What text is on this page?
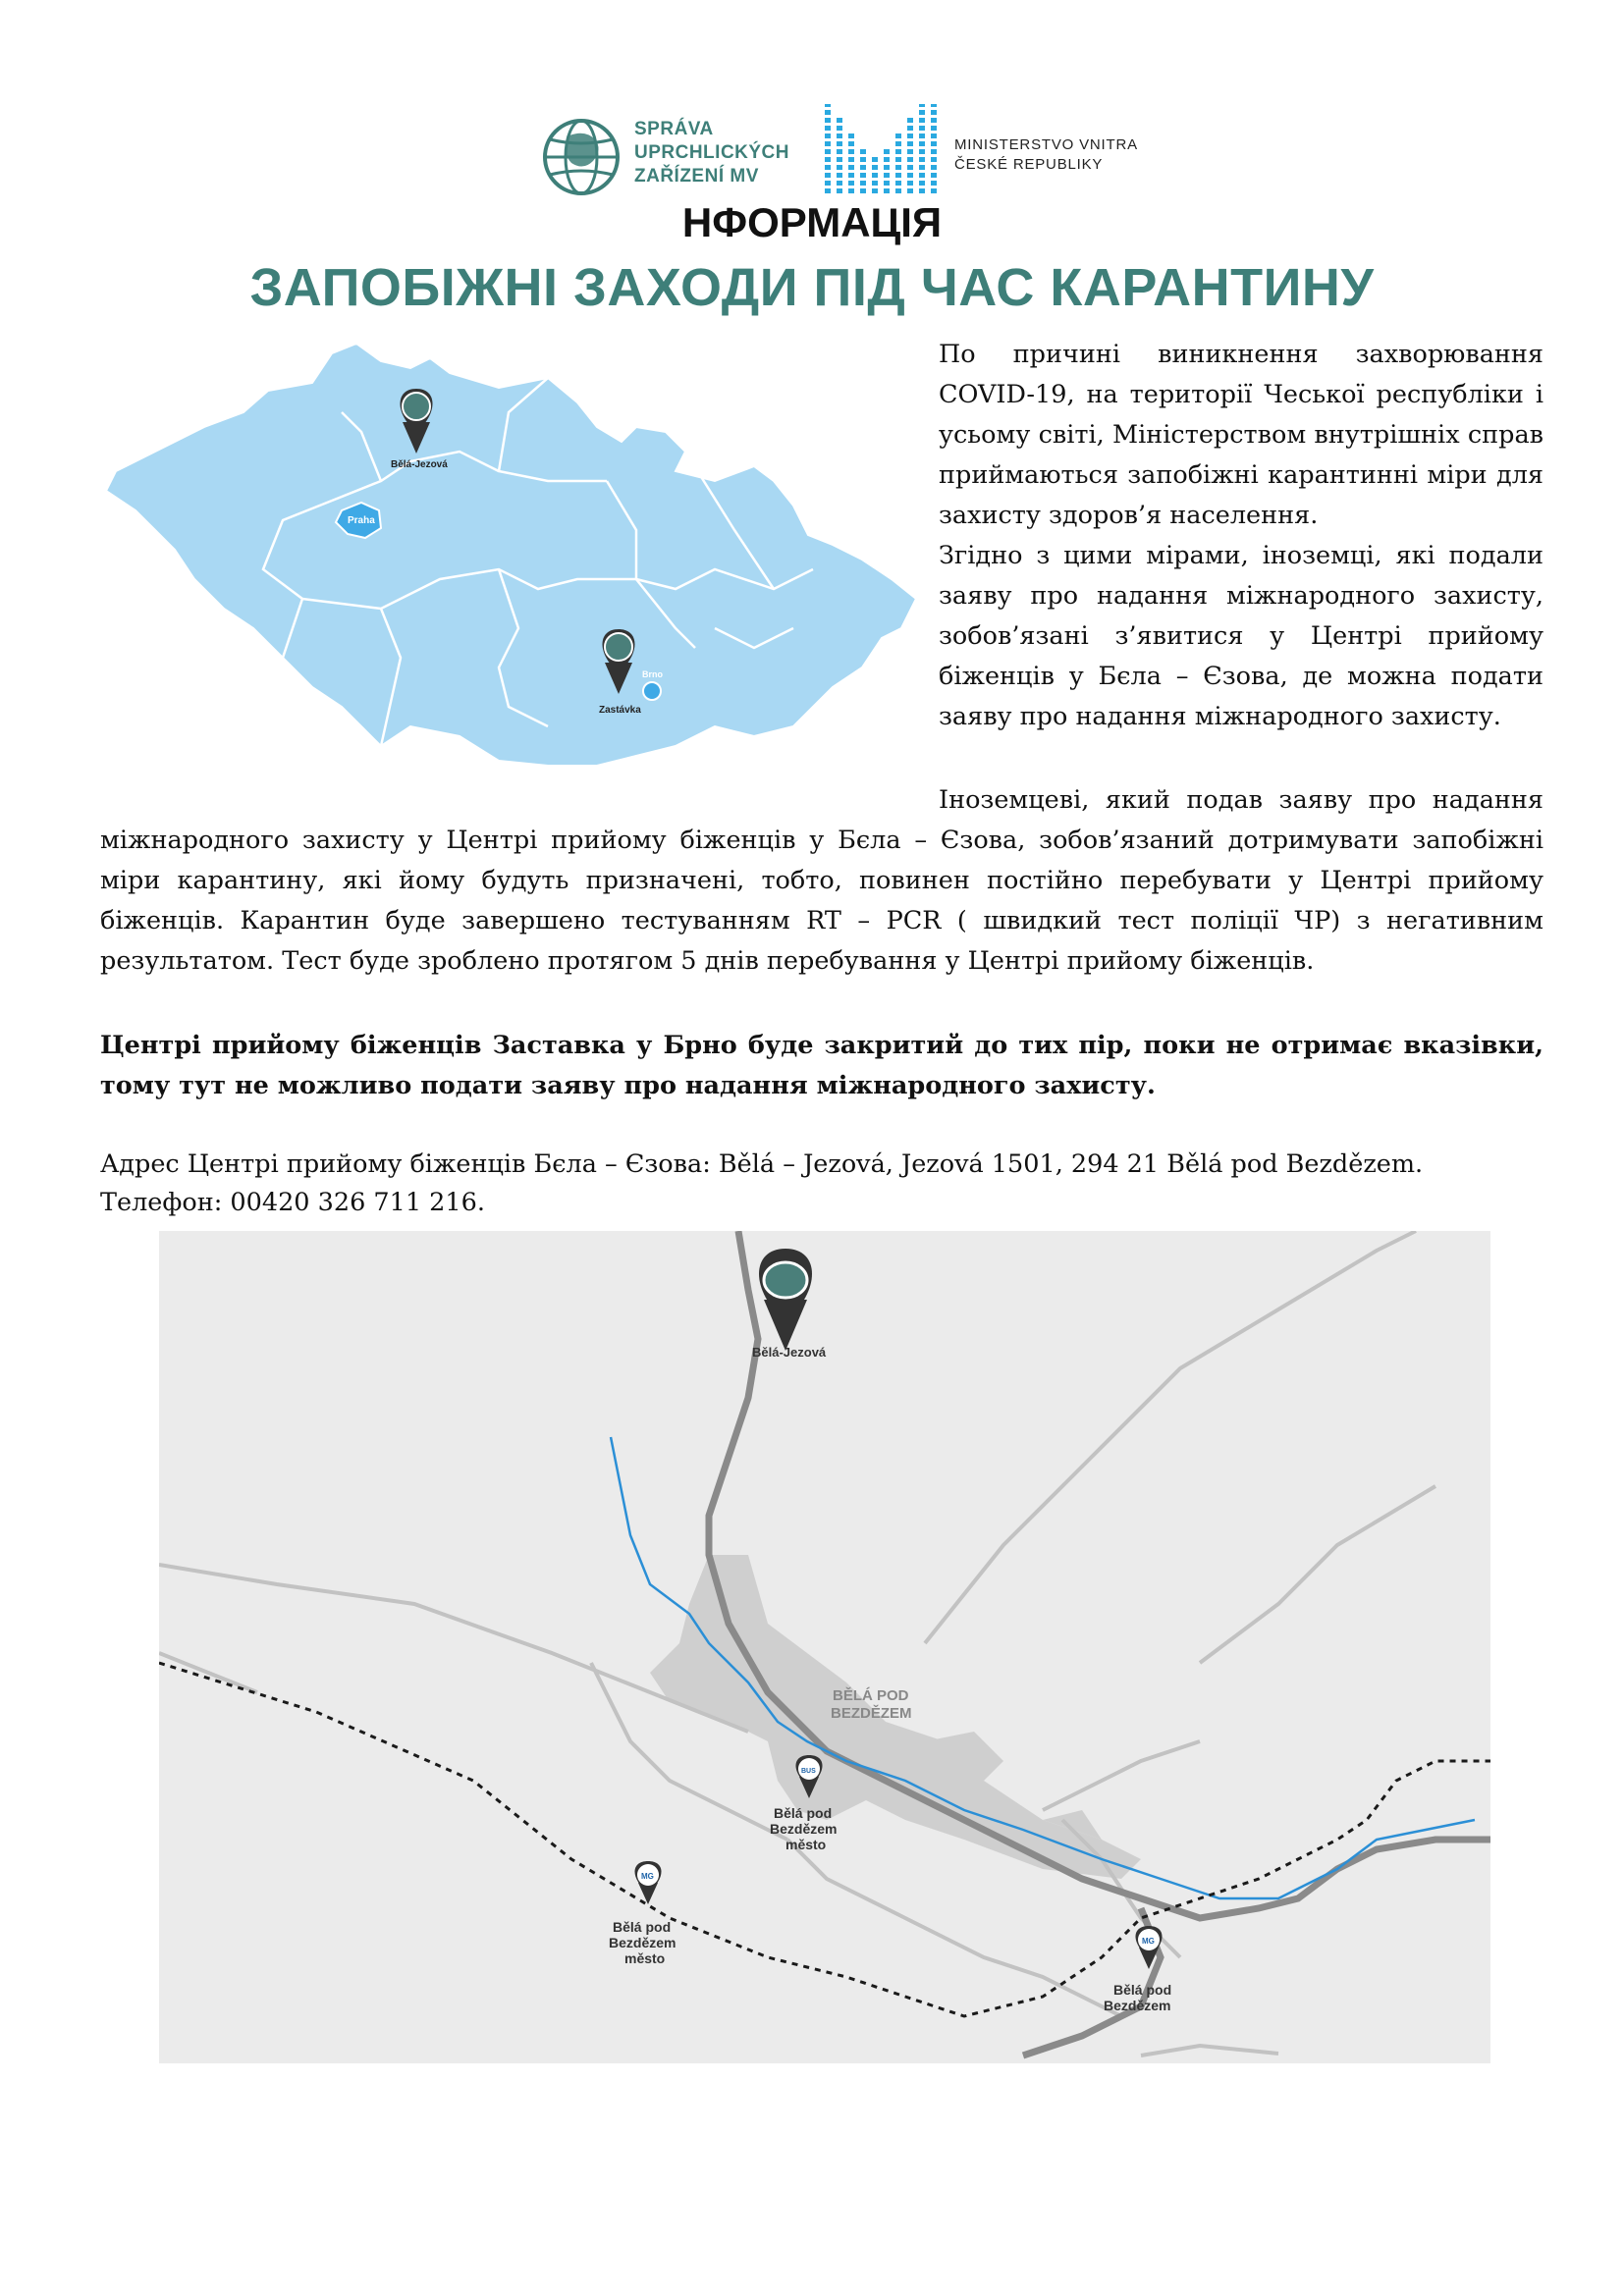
SPRÁVA
UPRCHLICKÝCH
ZAŘÍZENÍ MV
MINISTERSTVO VNITRA
ČESKÉ REPUBLIKY
НФОРМАЦІЯ
ЗАПОБІЖНІ ЗАХОДИ ПІД ЧАС КАРАНТИНУ
Praha
Bělá-Jezová
Zastávka
Brno
По причині виникнення захворювання COVID-19, на території Чеської республіки і усьому світі, Міністерством внутрішніх справ приймаються запобіжні карантинні міри для захисту здоров’я населення.
Згідно з цими мірами, іноземці, які подали заяву про надання міжнародного захисту, зобов’язані з’явитися у Центрі прийому біженців у Бєла – Єзова, де можна подати заяву про надання міжнародного захисту.
Іноземцеві, який подав заяву про надання міжнародного захисту у Центрі прийому біженців у Бєла – Єзова, зобов’язаний дотримувати запобіжні міри карантину, які йому будуть призначені, тобто, повинен постійно перебувати у Центрі прийому біженців. Карантин буде завершено тестуванням RT – PCR ( швидкий тест поліції ЧР) з негативним результатом. Тест буде зроблено протягом 5 днів перебування у Центрі прийому біженців.
Центрі прийому біженців Заставка у Брно буде закритий до тих пір, поки не отримає вказівки, тому тут не можливо подати заяву про надання міжнародного захисту.
Адрес Центрі прийому біженців Бєла – Єзова: Bělá – Jezová, Jezová 1501, 294 21 Bělá pod Bezdězem.
Телефон: 00420 326 711 216.
Bělá-Jezová
BĚLÁ POD
BEZDĚZEM
BUS
Bělá pod
Bezdězem
město
MG
Bělá pod
Bezdězem
město
MG
Bělá pod
Bezdězem
